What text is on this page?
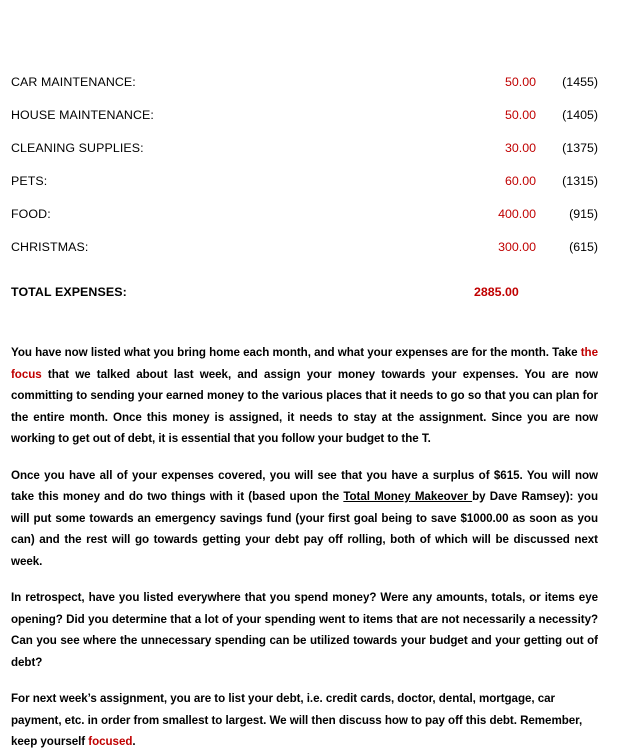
CAR MAINTENANCE:	50.00	(1455)
HOUSE MAINTENANCE:	50.00	(1405)
CLEANING SUPPLIES:	30.00	(1375)
PETS:	60.00	(1315)
FOOD:	400.00	(915)
CHRISTMAS:	300.00	(615)
TOTAL EXPENSES:	2885.00

You have now listed what you bring home each month, and what your expenses are for the month. Take the focus that we talked about last week, and assign your money towards your expenses. You are now committing to sending your earned money to the various places that it needs to go so that you can plan for the entire month. Once this money is assigned, it needs to stay at the assignment. Since you are now working to get out of debt, it is essential that you follow your budget to the T.

Once you have all of your expenses covered, you will see that you have a surplus of $615. You will now take this money and do two things with it (based upon the Total Money Makeover by Dave Ramsey): you will put some towards an emergency savings fund (your first goal being to save $1000.00 as soon as you can) and the rest will go towards getting your debt pay off rolling, both of which will be discussed next week.

In retrospect, have you listed everywhere that you spend money? Were any amounts, totals, or items eye opening? Did you determine that a lot of your spending went to items that are not necessarily a necessity? Can you see where the unnecessary spending can be utilized towards your budget and your getting out of debt?

For next week’s assignment, you are to list your debt, i.e. credit cards, doctor, dental, mortgage, car payment, etc. in order from smallest to largest. We will then discuss how to pay off this debt. Remember, keep yourself focused.
